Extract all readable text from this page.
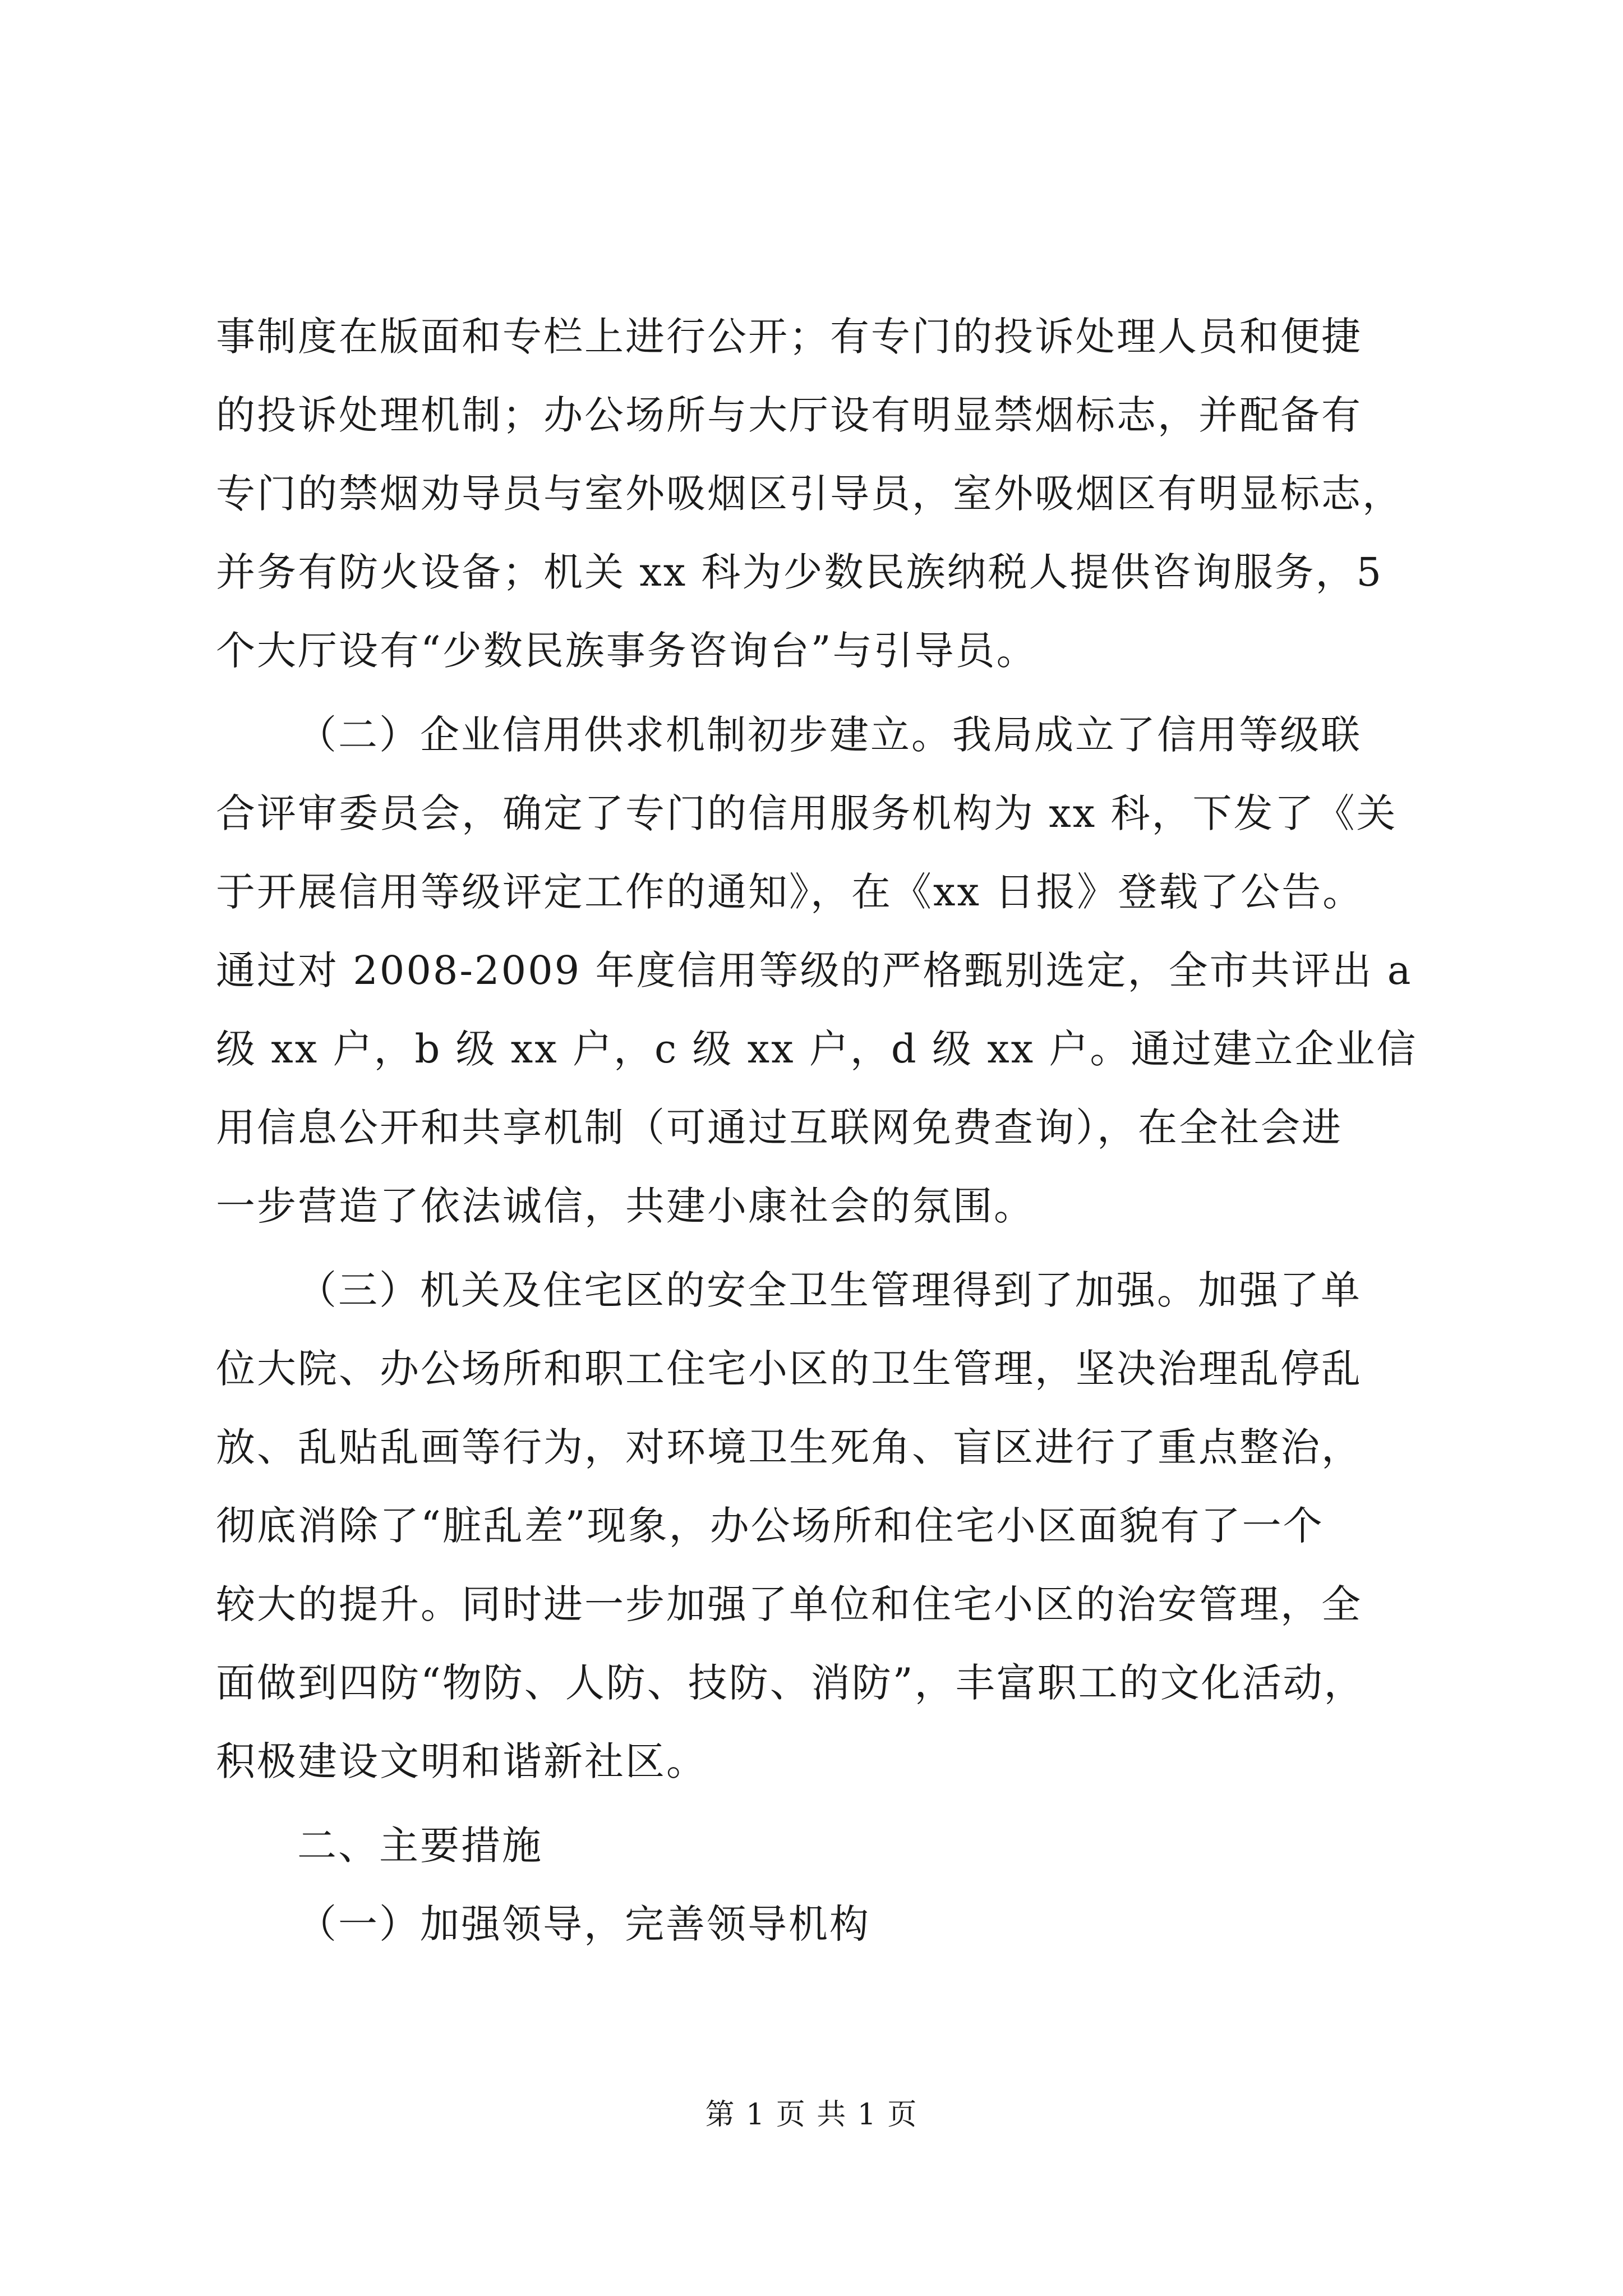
事制度在版面和专栏上进行公开；有专门的投诉处理人员和便捷
的投诉处理机制；办公场所与大厅设有明显禁烟标志，并配备有
专门的禁烟劝导员与室外吸烟区引导员，室外吸烟区有明显标志，
并务有防火设备；机关 xx 科为少数民族纳税人提供咨询服务，5
个大厅设有“少数民族事务咨询台”与引导员。
（二）企业信用供求机制初步建立。我局成立了信用等级联
合评审委员会，确定了专门的信用服务机构为 xx 科，下发了《关
于开展信用等级评定工作的通知》，在《xx 日报》登载了公告。
通过对 2008-2009 年度信用等级的严格甄别选定，全市共评出 a
级 xx 户，b 级 xx 户，c 级 xx 户，d 级 xx 户。通过建立企业信
用信息公开和共享机制（可通过互联网免费查询），在全社会进
一步营造了依法诚信，共建小康社会的氛围。
（三）机关及住宅区的安全卫生管理得到了加强。加强了单
位大院、办公场所和职工住宅小区的卫生管理，坚决治理乱停乱
放、乱贴乱画等行为，对环境卫生死角、盲区进行了重点整治，
彻底消除了“脏乱差”现象，办公场所和住宅小区面貌有了一个
较大的提升。同时进一步加强了单位和住宅小区的治安管理，全
面做到四防“物防、人防、技防、消防”，丰富职工的文化活动，
积极建设文明和谐新社区。
二、主要措施
（一）加强领导，完善领导机构
第 1 页 共 1 页
